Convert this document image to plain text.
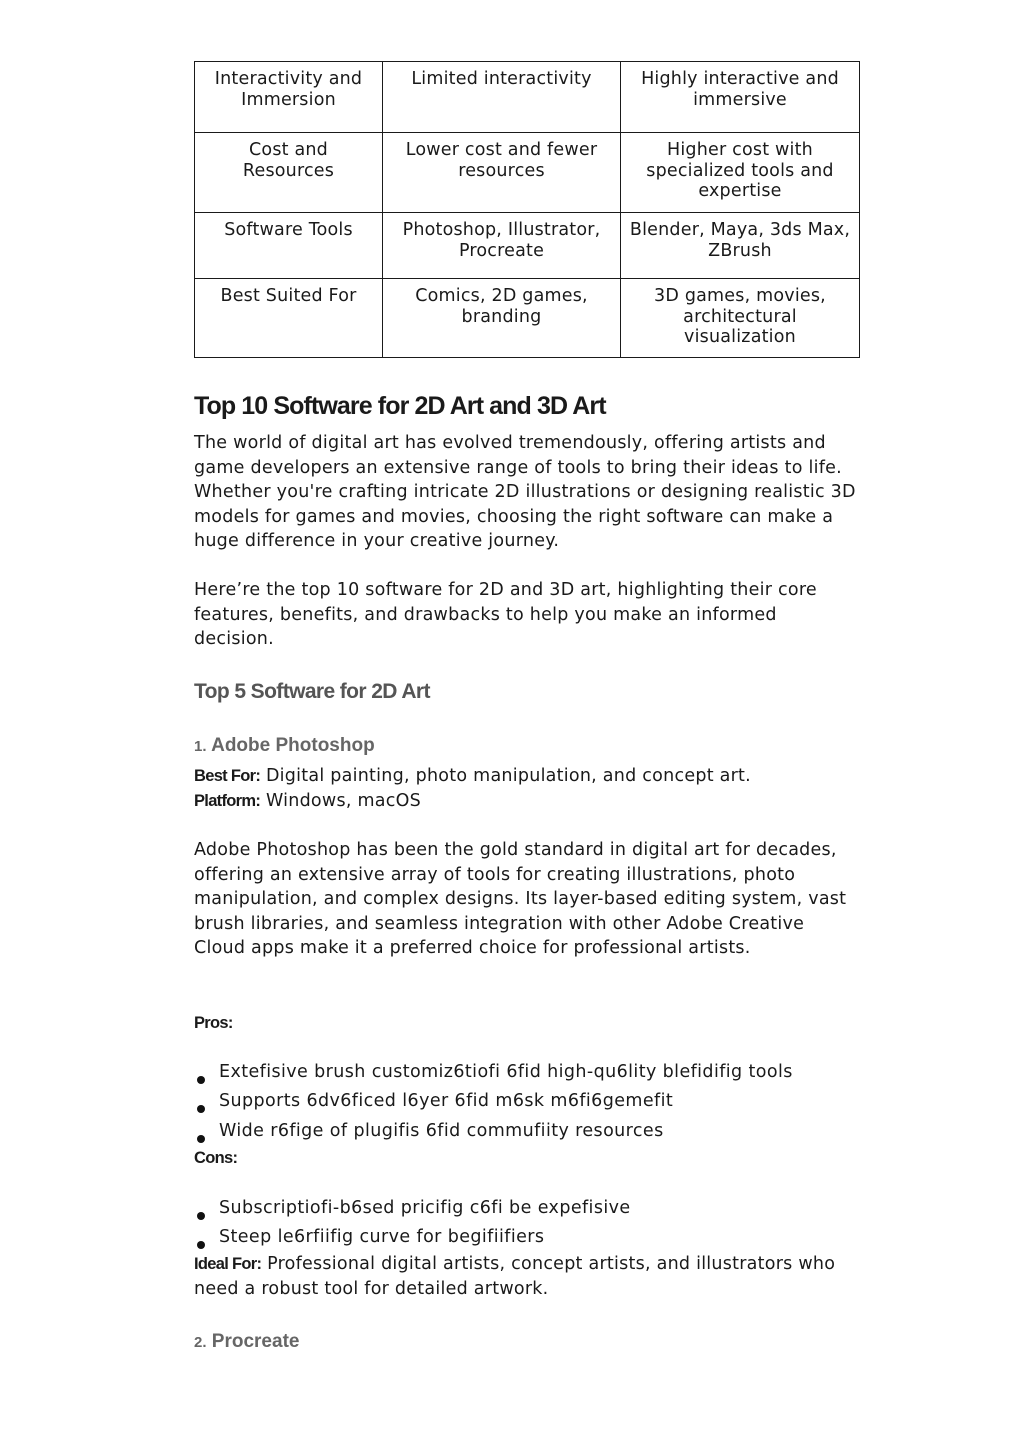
Interactivity and Immersion	Limited interactivity	Highly interactive and immersive
Cost and Resources	Lower cost and fewer resources	Higher cost with specialized tools and expertise
Software Tools	Photoshop, Illustrator, Procreate	Blender, Maya, 3ds Max, ZBrush
Best Suited For	Comics, 2D games, branding	3D games, movies, architectural visualization
Top 10 Software for 2D Art and 3D Art

The world of digital art has evolved tremendously, offering artists and game developers an extensive range of tools to bring their ideas to life. Whether you're crafting intricate 2D illustrations or designing realistic 3D models for games and movies, choosing the right software can make a huge difference in your creative journey.

Here’re the top 10 software for 2D and 3D art, highlighting their core features, benefits, and drawbacks to help you make an informed decision.

Top 5 Software for 2D Art
1. Adobe Photoshop

Best For: Digital painting, photo manipulation, and concept art.

Platform: Windows, macOS

Adobe Photoshop has been the gold standard in digital art for decades, offering an extensive array of tools for creating illustrations, photo manipulation, and complex designs. Its layer-based editing system, vast brush libraries, and seamless integration with other Adobe Creative Cloud apps make it a preferred choice for professional artists.

Pros:

Extefisive brush customiz6tiofi 6fid high-qu6lity blefidifig tools
Supports 6dv6ficed l6yer 6fid m6sk m6fi6gemefit
Wide r6fige of plugifis 6fid commufiity resources

Cons:

Subscriptiofi-b6sed pricifig c6fi be expefisive
Steep le6rfiifig curve for begifiifiers

Ideal For: Professional digital artists, concept artists, and illustrators who need a robust tool for detailed artwork.

2. Procreate
